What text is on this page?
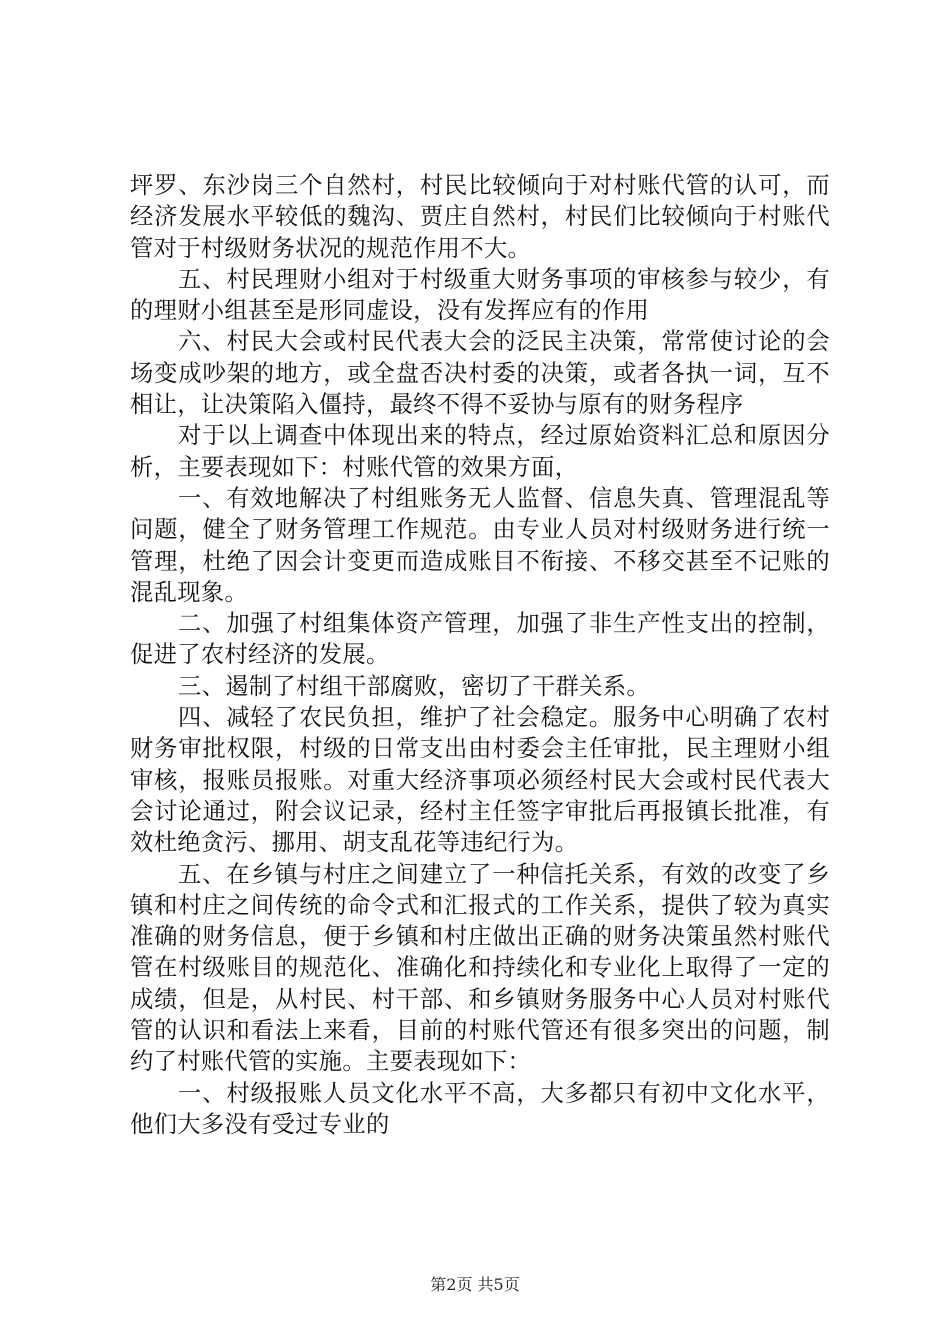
坪罗、东沙岗三个自然村，村民比较倾向于对村账代管的认可，而经济发展水平较低的魏沟、贾庄自然村，村民们比较倾向于村账代管对于村级财务状况的规范作用不大。

五、村民理财小组对于村级重大财务事项的审核参与较少，有的理财小组甚至是形同虚设，没有发挥应有的作用

六、村民大会或村民代表大会的泛民主决策，常常使讨论的会场变成吵架的地方，或全盘否决村委的决策，或者各执一词，互不相让，让决策陷入僵持，最终不得不妥协与原有的财务程序

对于以上调查中体现出来的特点，经过原始资料汇总和原因分析，主要表现如下：村账代管的效果方面，

一、有效地解决了村组账务无人监督、信息失真、管理混乱等问题，健全了财务管理工作规范。由专业人员对村级财务进行统一管理，杜绝了因会计变更而造成账目不衔接、不移交甚至不记账的混乱现象。

二、加强了村组集体资产管理，加强了非生产性支出的控制，促进了农村经济的发展。

三、遏制了村组干部腐败，密切了干群关系。

四、减轻了农民负担，维护了社会稳定。服务中心明确了农村财务审批权限，村级的日常支出由村委会主任审批，民主理财小组审核，报账员报账。对重大经济事项必须经村民大会或村民代表大会讨论通过，附会议记录，经村主任签字审批后再报镇长批准，有效杜绝贪污、挪用、胡支乱花等违纪行为。

五、在乡镇与村庄之间建立了一种信托关系，有效的改变了乡镇和村庄之间传统的命令式和汇报式的工作关系，提供了较为真实准确的财务信息，便于乡镇和村庄做出正确的财务决策虽然村账代管在村级账目的规范化、准确化和持续化和专业化上取得了一定的成绩，但是，从村民、村干部、和乡镇财务服务中心人员对村账代管的认识和看法上来看，目前的村账代管还有很多突出的问题，制约了村账代管的实施。主要表现如下：

一、村级报账人员文化水平不高，大多都只有初中文化水平，他们大多没有受过专业的

第2页 共5页
